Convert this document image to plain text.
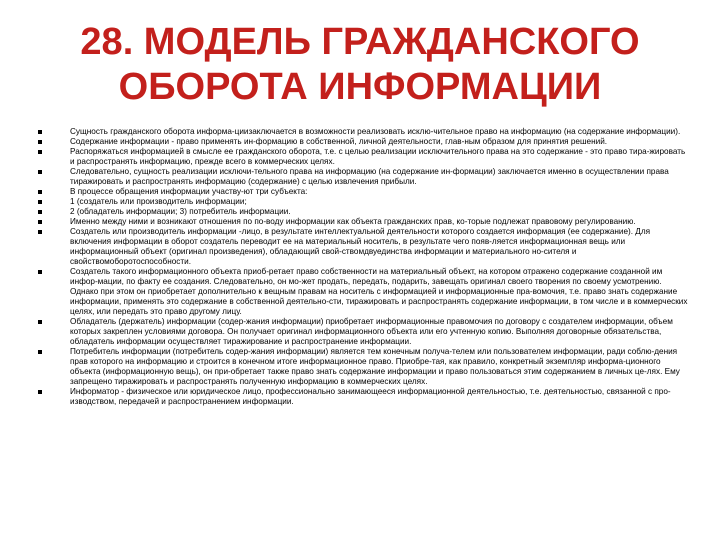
28. МОДЕЛЬ ГРАЖДАНСКОГО ОБОРОТА ИНФОРМАЦИИ
Сущность гражданского оборота информа-циизаключается в возможности реализовать исклю-чительное право на информацию (на содержание информации).
Содержание информации - право применять ин-формацию в собственной, личной деятельности, глав-ным образом для принятия решений.
Распоряжаться информацией в смысле ее гражданского оборота, т.е. с целью реализации исключительного права на это содержание - это право тира-жировать и распространять информацию, прежде всего в коммерческих целях.
Следовательно, сущность реализации исключи-тельного права на информацию (на содержание ин-формации) заключается именно в осуществлении права тиражировать и распространять информацию (содержание) с целью извлечения прибыли.
В процессе обращения информации участву-ют три субъекта:
1 (создатель или производитель информации;
2 (обладатель информации; 3) потребитель информации.
Именно между ними и возникают отношения по по-воду информации как объекта гражданских прав, ко-торые подлежат правовому регулированию.
Создатель или производитель информации -лицо, в результате интеллектуальной деятельности которого создается информация (ее содержание). Для включения информации в оборот создатель переводит ее на материальный носитель, в результате чего появ-ляется информационная вещь или информационный объект (оригинал произведения), обладающий свой-ствомдвуединства информации и материального но-сителя и свойствомоборотоспособности.
Создатель такого информационного объекта приоб-ретает право собственности на материальный объект, на котором отражено содержание созданной им инфор-мации, по факту ее создания. Следовательно, он мо-жет продать, передать, подарить, завещать оригинал своего творения по своему усмотрению. Однако при этом он приобретает дополнительно к вещным правам на носитель с информацией и информационные пра-вомочия, т.е. право знать содержание информации, применять это содержание в собственной деятельно-сти, тиражировать и распространять содержание информации, в том числе и в коммерческих целях, или передать это право другому лицу.
Обладатель (держатель) информации (содер-жания информации) приобретает информационные правомочия по договору с создателем информации, объем которых закреплен условиями договора. Он получает оригинал информационного объекта или его учтенную копию. Выполняя договорные обязательства, обладатель информации осуществляет тиражирование и распространение информации.
Потребитель информации (потребитель содер-жания информации) является тем конечным получа-телем или пользователем информации, ради соблю-дения прав которого на информацию и строится в конечном итоге информационное право. Приобре-тая, как правило, конкретный экземпляр информа-ционного объекта (информационную вещь), он при-обретает также право знать содержание информации и право пользоваться этим содержанием в личных це-лях. Ему запрещено тиражировать и распространять полученную информацию в коммерческих целях.
Информатор - физическое или юридическое лицо, профессионально занимающееся информационной деятельностью, т.е. деятельностью, связанной с про-изводством, передачей и распространением информации.
